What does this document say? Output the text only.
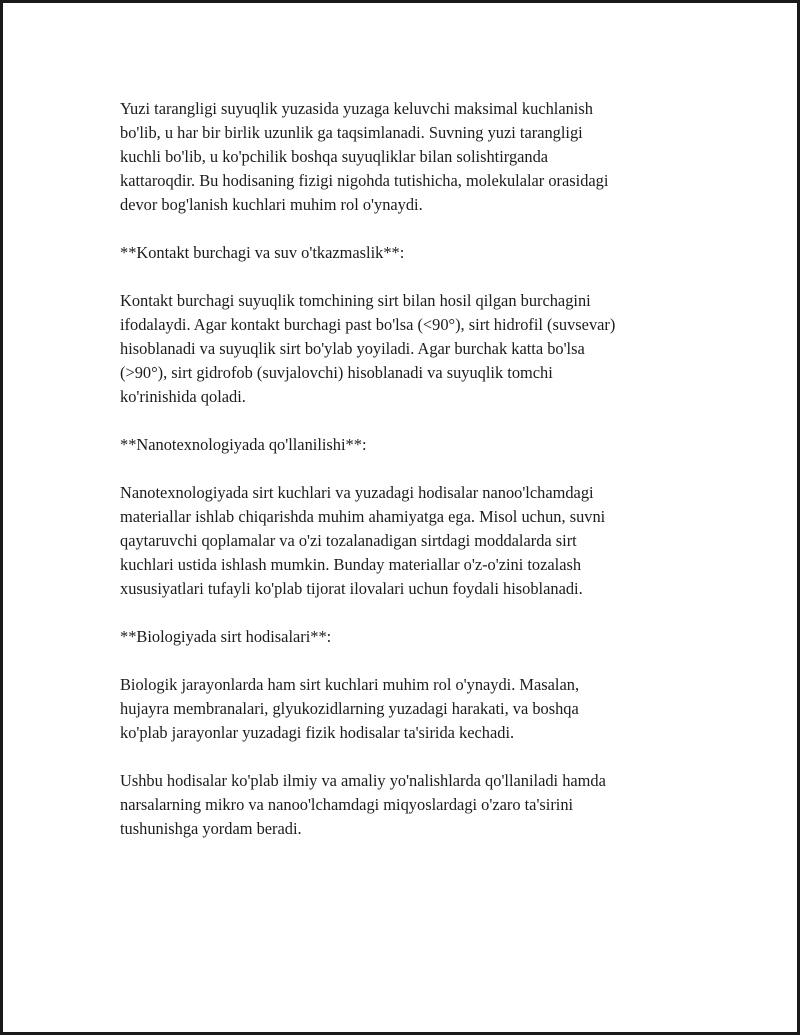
Yuzi tarangligi suyuqlik yuzasida yuzaga keluvchi maksimal kuchlanish
bo'lib, u har bir birlik uzunlik ga taqsimlanadi. Suvning yuzi tarangligi
kuchli bo'lib, u ko'pchilik boshqa suyuqliklar bilan solishtirganda
kattaroqdir. Bu hodisaning fizigi nigohda tutishicha, molekulalar orasidagi
devor bog'lanish kuchlari muhim rol o'ynaydi.

**Kontakt burchagi va suv o'tkazmaslik**:

Kontakt burchagi suyuqlik tomchining sirt bilan hosil qilgan burchagini
ifodalaydi. Agar kontakt burchagi past bo'lsa (<90°), sirt hidrofil (suvsevar)
hisoblanadi va suyuqlik sirt bo'ylab yoyiladi. Agar burchak katta bo'lsa
(>90°), sirt gidrofob (suvjalovchi) hisoblanadi va suyuqlik tomchi
ko'rinishida qoladi.

**Nanotexnologiyada qo'llanilishi**:

Nanotexnologiyada sirt kuchlari va yuzadagi hodisalar nanoo'lchamdagi
materiallar ishlab chiqarishda muhim ahamiyatga ega. Misol uchun, suvni
qaytaruvchi qoplamalar va o'zi tozalanadigan sirtdagi moddalarda sirt
kuchlari ustida ishlash mumkin. Bunday materiallar o'z-o'zini tozalash
xususiyatlari tufayli ko'plab tijorat ilovalari uchun foydali hisoblanadi.

**Biologiyada sirt hodisalari**:

Biologik jarayonlarda ham sirt kuchlari muhim rol o'ynaydi. Masalan,
hujayra membranalari, glyukozidlarning yuzadagi harakati, va boshqa
ko'plab jarayonlar yuzadagi fizik hodisalar ta'sirida kechadi.

Ushbu hodisalar ko'plab ilmiy va amaliy yo'nalishlarda qo'llaniladi hamda
narsalarning mikro va nanoo'lchamdagi miqyoslardagi o'zaro ta'sirini
tushunishga yordam beradi.
